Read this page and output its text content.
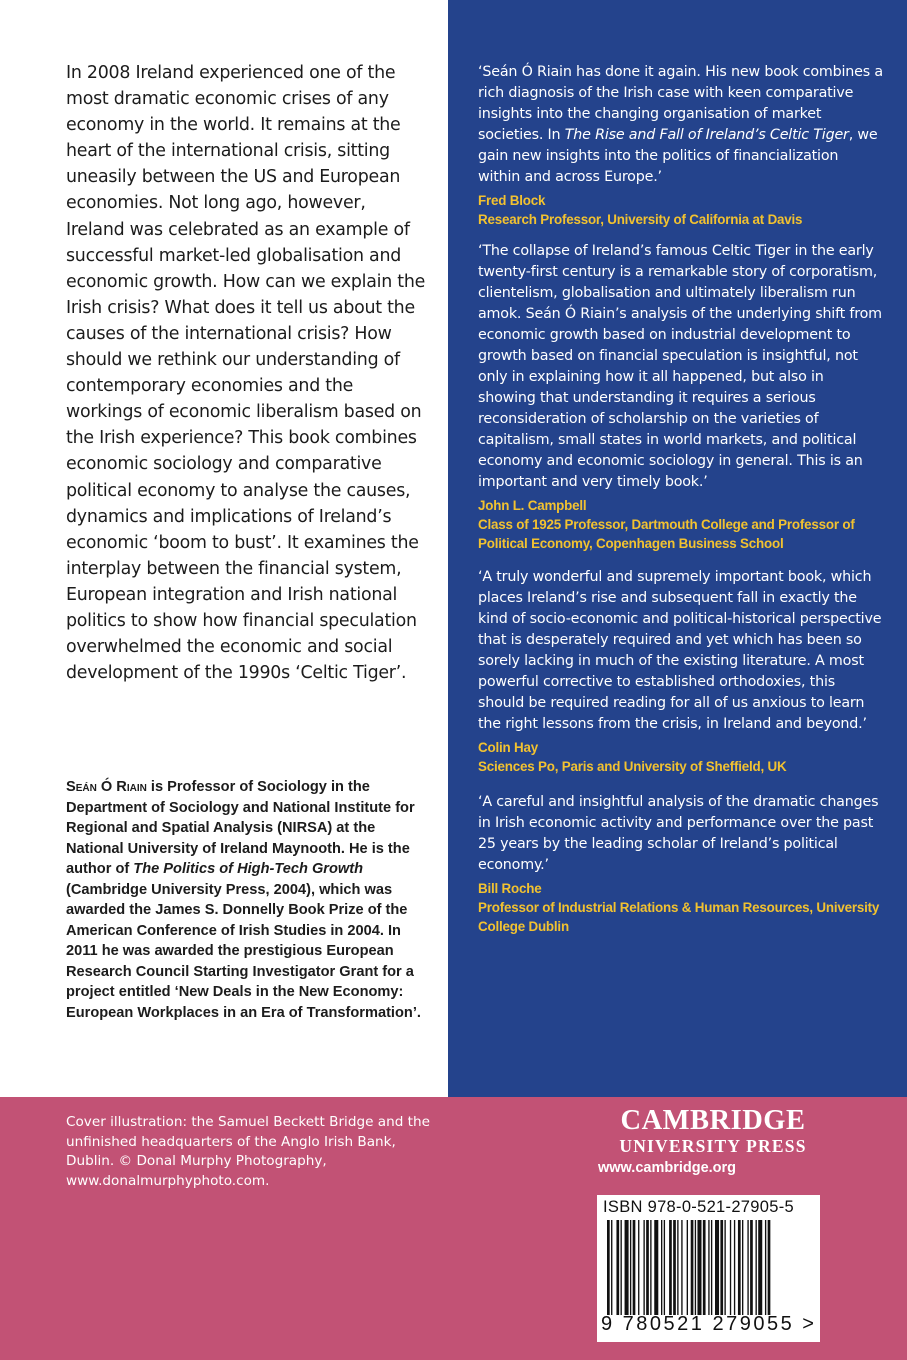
In 2008 Ireland experienced one of the most dramatic economic crises of any economy in the world. It remains at the heart of the international crisis, sitting uneasily between the US and European economies. Not long ago, however, Ireland was celebrated as an example of successful market-led globalisation and economic growth. How can we explain the Irish crisis? What does it tell us about the causes of the international crisis? How should we rethink our understanding of contemporary economies and the workings of economic liberalism based on the Irish experience? This book combines economic sociology and comparative political economy to analyse the causes, dynamics and implications of Ireland’s economic ‘boom to bust’. It examines the interplay between the financial system, European integration and Irish national politics to show how financial speculation overwhelmed the economic and social development of the 1990s ‘Celtic Tiger’.

Seán Ó Riain is Professor of Sociology in the Department of Sociology and National Institute for Regional and Spatial Analysis (NIRSA) at the National University of Ireland Maynooth. He is the author of The Politics of High-Tech Growth (Cambridge University Press, 2004), which was awarded the James S. Donnelly Book Prize of the American Conference of Irish Studies in 2004. In 2011 he was awarded the prestigious European Research Council Starting Investigator Grant for a project entitled ‘New Deals in the New Economy: European Workplaces in an Era of Transformation’.

‘Seán Ó Riain has done it again. His new book combines a rich diagnosis of the Irish case with keen comparative insights into the changing organisation of market societies. In The Rise and Fall of Ireland’s Celtic Tiger, we gain new insights into the politics of financialization within and across Europe.’

Fred Block
Research Professor, University of California at Davis

‘The collapse of Ireland’s famous Celtic Tiger in the early twenty-first century is a remarkable story of corporatism, clientelism, globalisation and ultimately liberalism run amok. Seán Ó Riain’s analysis of the underlying shift from economic growth based on industrial development to growth based on financial speculation is insightful, not only in explaining how it all happened, but also in showing that understanding it requires a serious reconsideration of scholarship on the varieties of capitalism, small states in world markets, and political economy and economic sociology in general. This is an important and very timely book.’

John L. Campbell
Class of 1925 Professor, Dartmouth College and Professor of Political Economy, Copenhagen Business School

‘A truly wonderful and supremely important book, which places Ireland’s rise and subsequent fall in exactly the kind of socio-economic and political-historical perspective that is desperately required and yet which has been so sorely lacking in much of the existing literature. A most powerful corrective to established orthodoxies, this should be required reading for all of us anxious to learn the right lessons from the crisis, in Ireland and beyond.’

Colin Hay
Sciences Po, Paris and University of Sheffield, UK

‘A careful and insightful analysis of the dramatic changes in Irish economic activity and performance over the past 25 years by the leading scholar of Ireland’s political economy.’

Bill Roche
Professor of Industrial Relations & Human Resources, University College Dublin

Cover illustration: the Samuel Beckett Bridge and the unfinished headquarters of the Anglo Irish Bank, Dublin. © Donal Murphy Photography, www.donalmurphyphoto.com.

CAMBRIDGE
UNIVERSITY PRESS
www.cambridge.org
ISBN 978-0-521-27905-5
9 780521 279055 >
